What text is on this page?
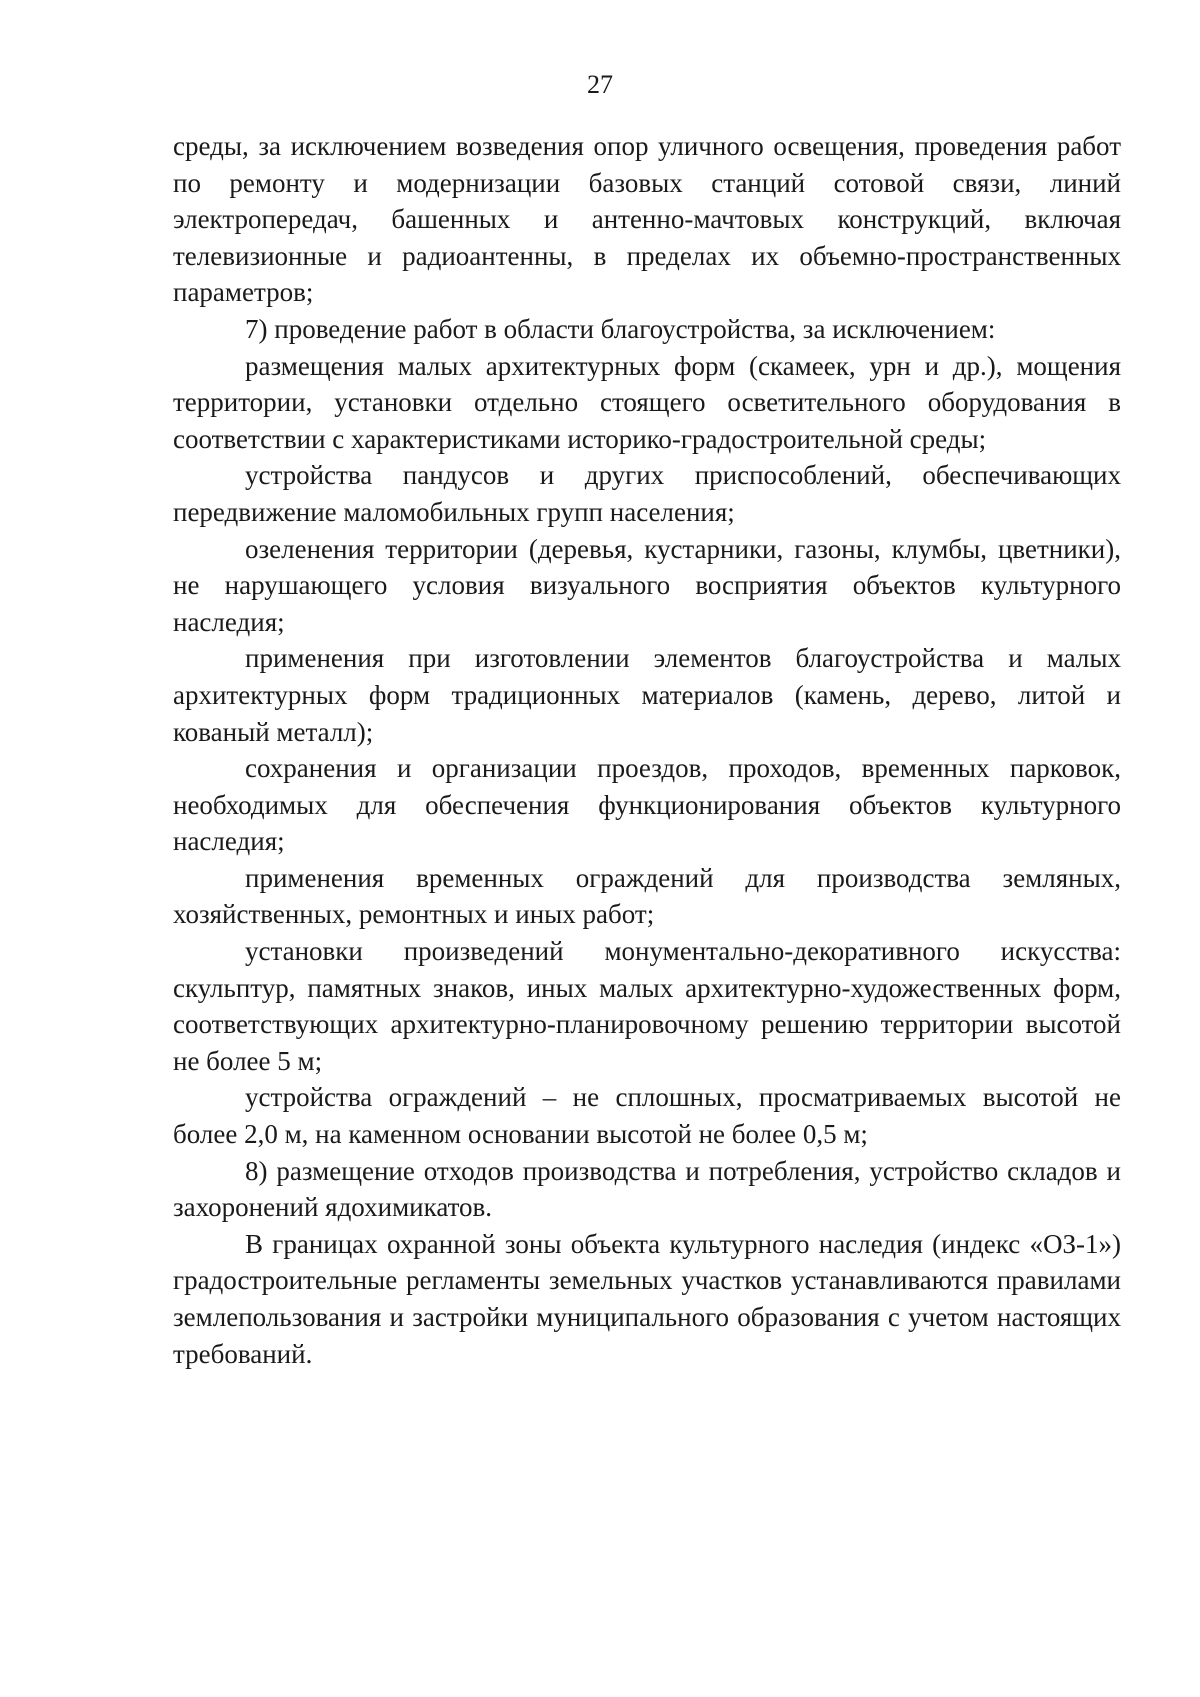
27

среды, за исключением возведения опор уличного освещения, проведения работ по ремонту и модернизации базовых станций сотовой связи, линий электропередач, башенных и антенно-мачтовых конструкций, включая телевизионные и радиоантенны, в пределах их объемно-пространственных параметров;

7) проведение работ в области благоустройства, за исключением:

размещения малых архитектурных форм (скамеек, урн и др.), мощения территории, установки отдельно стоящего осветительного оборудования в соответствии с характеристиками историко-градостроительной среды;

устройства пандусов и других приспособлений, обеспечивающих передвижение маломобильных групп населения;

озеленения территории (деревья, кустарники, газоны, клумбы, цветники), не нарушающего условия визуального восприятия объектов культурного наследия;

применения при изготовлении элементов благоустройства и малых архитектурных форм традиционных материалов (камень, дерево, литой и кованый металл);

сохранения и организации проездов, проходов, временных парковок, необходимых для обеспечения функционирования объектов культурного наследия;

применения временных ограждений для производства земляных, хозяйственных, ремонтных и иных работ;

установки произведений монументально-декоративного искусства: скульптур, памятных знаков, иных малых архитектурно-художественных форм, соответствующих архитектурно-планировочному решению территории высотой не более 5 м;

устройства ограждений – не сплошных, просматриваемых высотой не более 2,0 м, на каменном основании высотой не более 0,5 м;

8) размещение отходов производства и потребления, устройство складов и захоронений ядохимикатов.

В границах охранной зоны объекта культурного наследия (индекс «ОЗ-1») градостроительные регламенты земельных участков устанавливаются правилами землепользования и застройки муниципального образования с учетом настоящих требований.
